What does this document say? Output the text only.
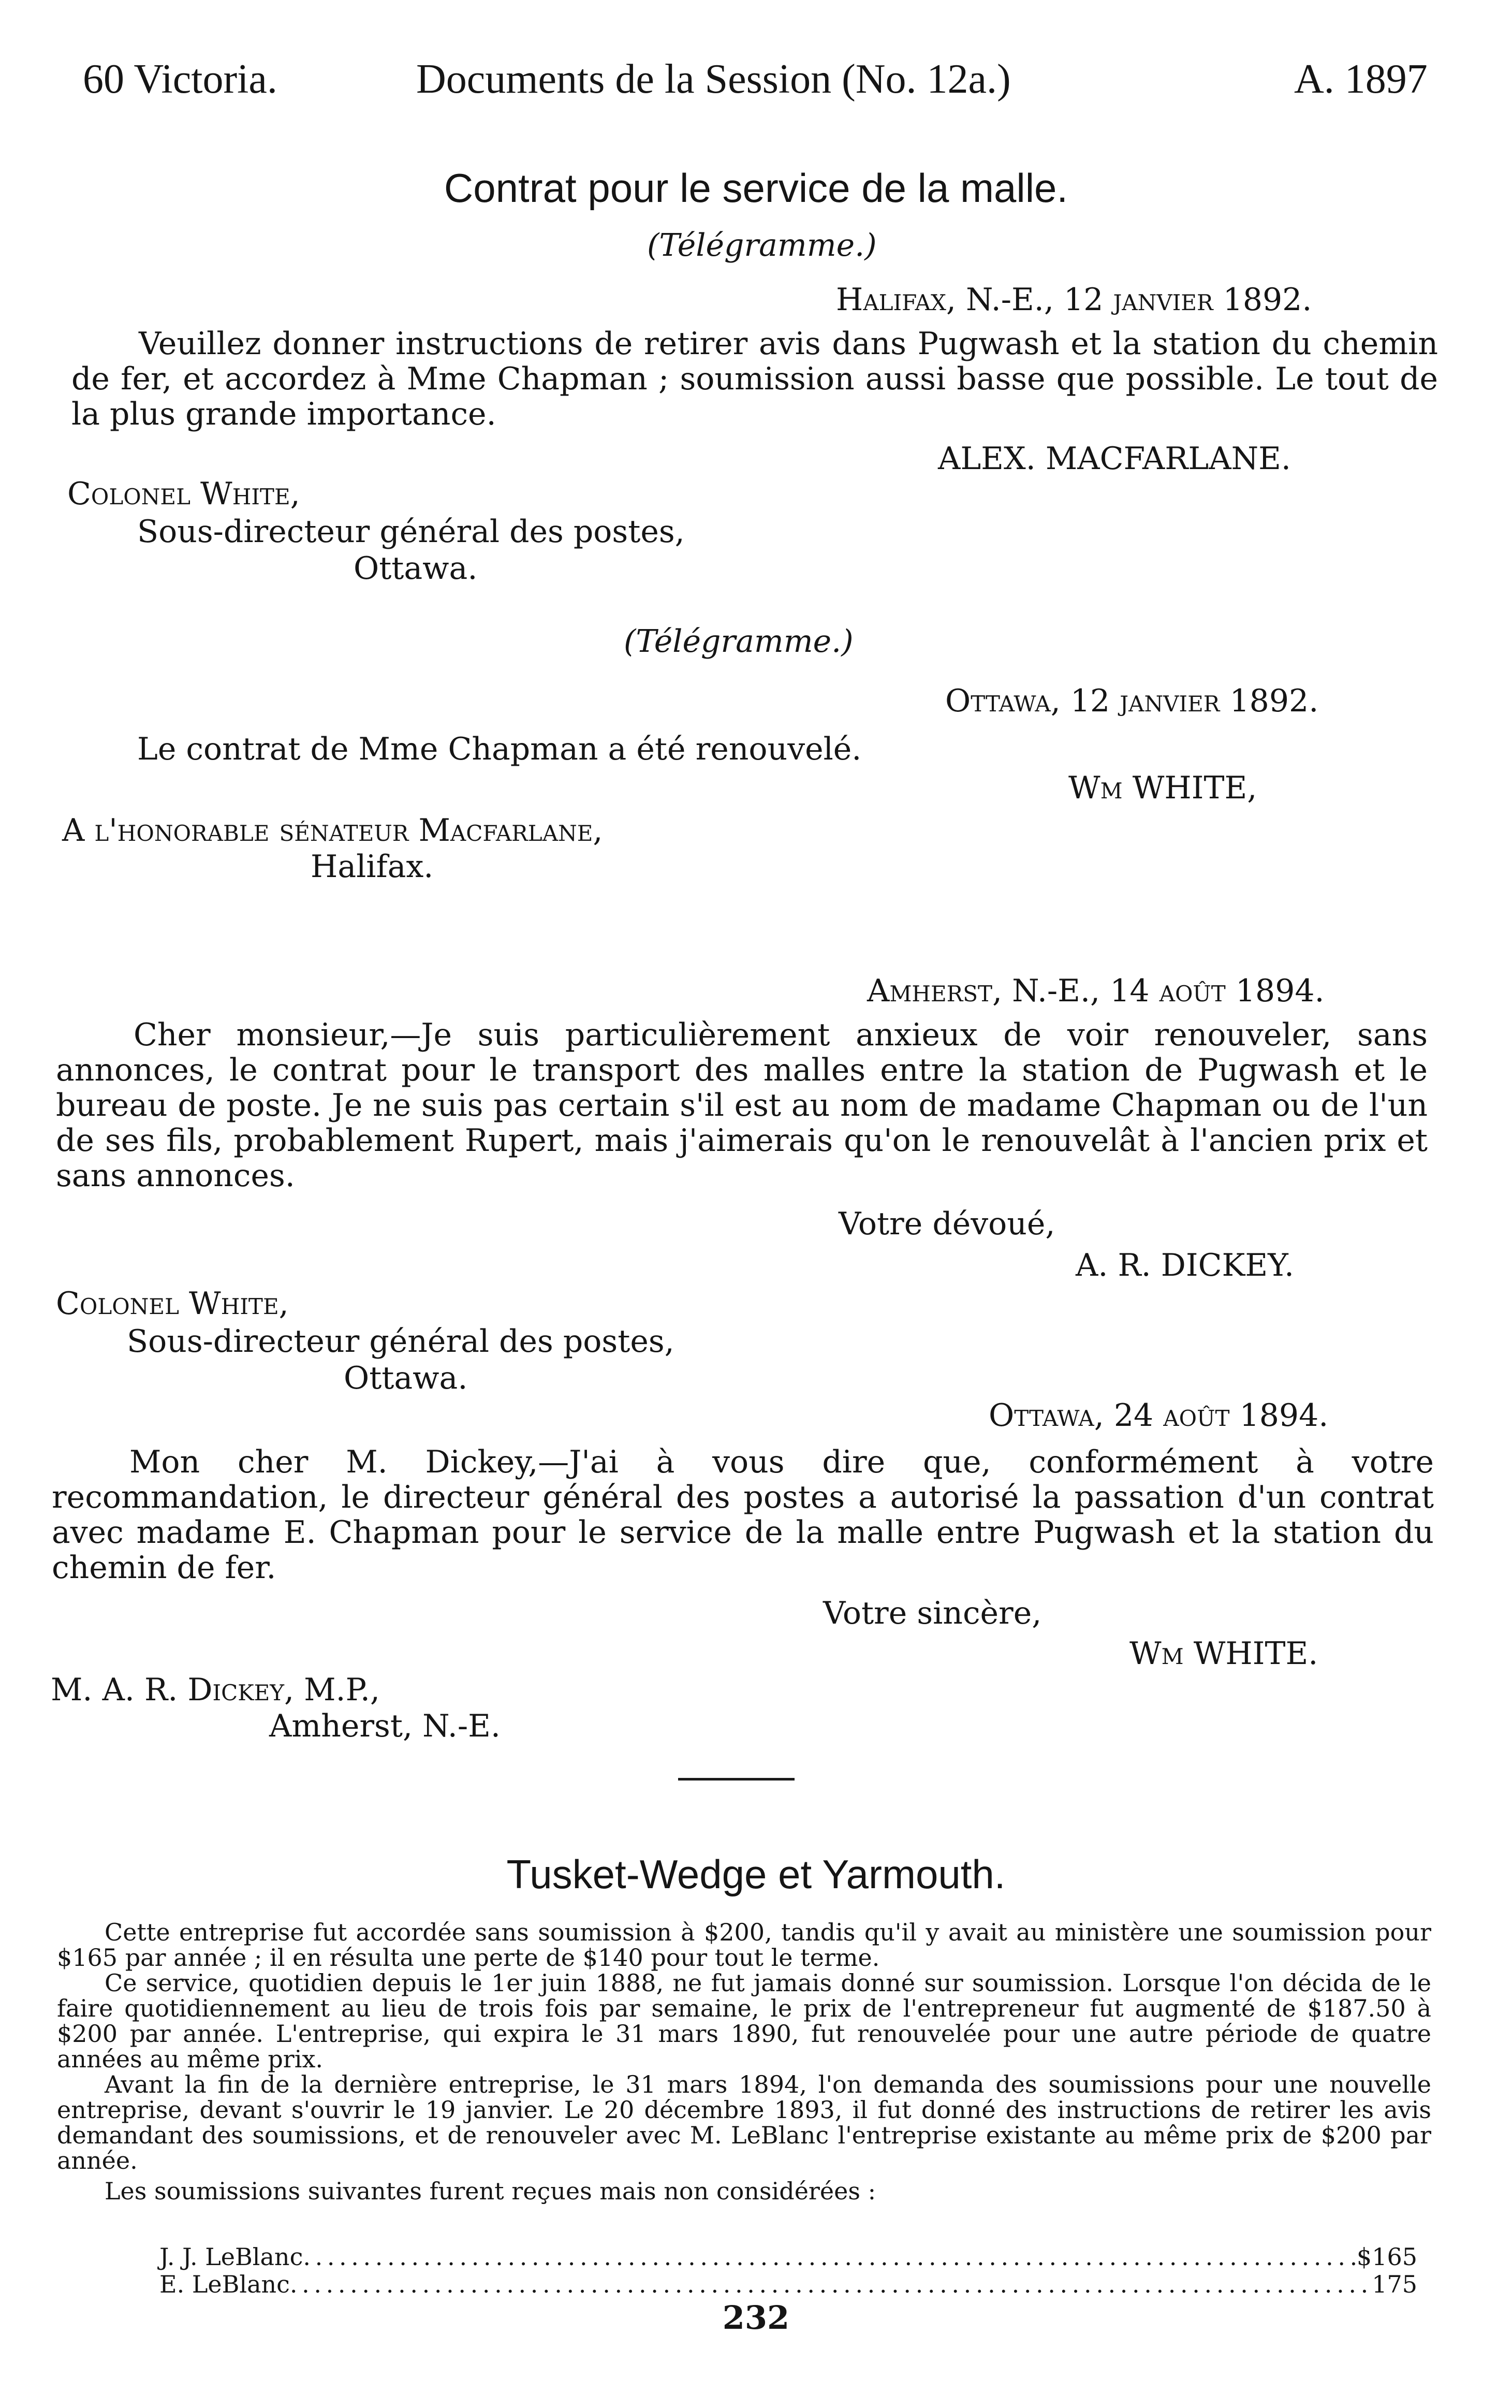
60 Victoria.	Documents de la Session (No. 12a.)	A. 1897
Contrat pour le service de la malle.
(Télégramme.)
Halifax, N.-E., 12 janvier 1892.
Veuillez donner instructions de retirer avis dans Pugwash et la station du chemin de fer, et accordez à Mme Chapman ; soumission aussi basse que possible. Le tout de la plus grande importance.
ALEX. MACFARLANE.
Colonel White,
Sous-directeur général des postes,
Ottawa.
(Télégramme.)
Ottawa, 12 janvier 1892.
Le contrat de Mme Chapman a été renouvelé.
Wm WHITE,
A l'honorable sénateur Macfarlane,
Halifax.
Amherst, N.-E., 14 août 1894.
Cher monsieur,—Je suis particulièrement anxieux de voir renouveler, sans annonces, le contrat pour le transport des malles entre la station de Pugwash et le bureau de poste. Je ne suis pas certain s'il est au nom de madame Chapman ou de l'un de ses fils, probablement Rupert, mais j'aimerais qu'on le renouvelât à l'ancien prix et sans annonces.
Votre dévoué,
A. R. DICKEY.
Colonel White,
Sous-directeur général des postes,
Ottawa.
Ottawa, 24 août 1894.
Mon cher M. Dickey,—J'ai à vous dire que, conformément à votre recommandation, le directeur général des postes a autorisé la passation d'un contrat avec madame E. Chapman pour le service de la malle entre Pugwash et la station du chemin de fer.
Votre sincère,
Wm WHITE.
M. A. R. Dickey, M.P.,
Amherst, N.-E.
Tusket-Wedge et Yarmouth.

Cette entreprise fut accordée sans soumission à $200, tandis qu'il y avait au ministère une soumission pour $165 par année ; il en résulta une perte de $140 pour tout le terme.

Ce service, quotidien depuis le 1er juin 1888, ne fut jamais donné sur soumission. Lorsque l'on décida de le faire quotidiennement au lieu de trois fois par semaine, le prix de l'entrepreneur fut augmenté de $187.50 à $200 par année. L'entreprise, qui expira le 31 mars 1890, fut renouvelée pour une autre période de quatre années au même prix.

Avant la fin de la dernière entreprise, le 31 mars 1894, l'on demanda des soumissions pour une nouvelle entreprise, devant s'ouvrir le 19 janvier. Le 20 décembre 1893, il fut donné des instructions de retirer les avis demandant des soumissions, et de renouveler avec M. LeBlanc l'entreprise existante au même prix de $200 par année.

Les soumissions suivantes furent reçues mais non considérées :

J. J. LeBlanc . . .	$165
E. LeBlanc . . .	175
232
